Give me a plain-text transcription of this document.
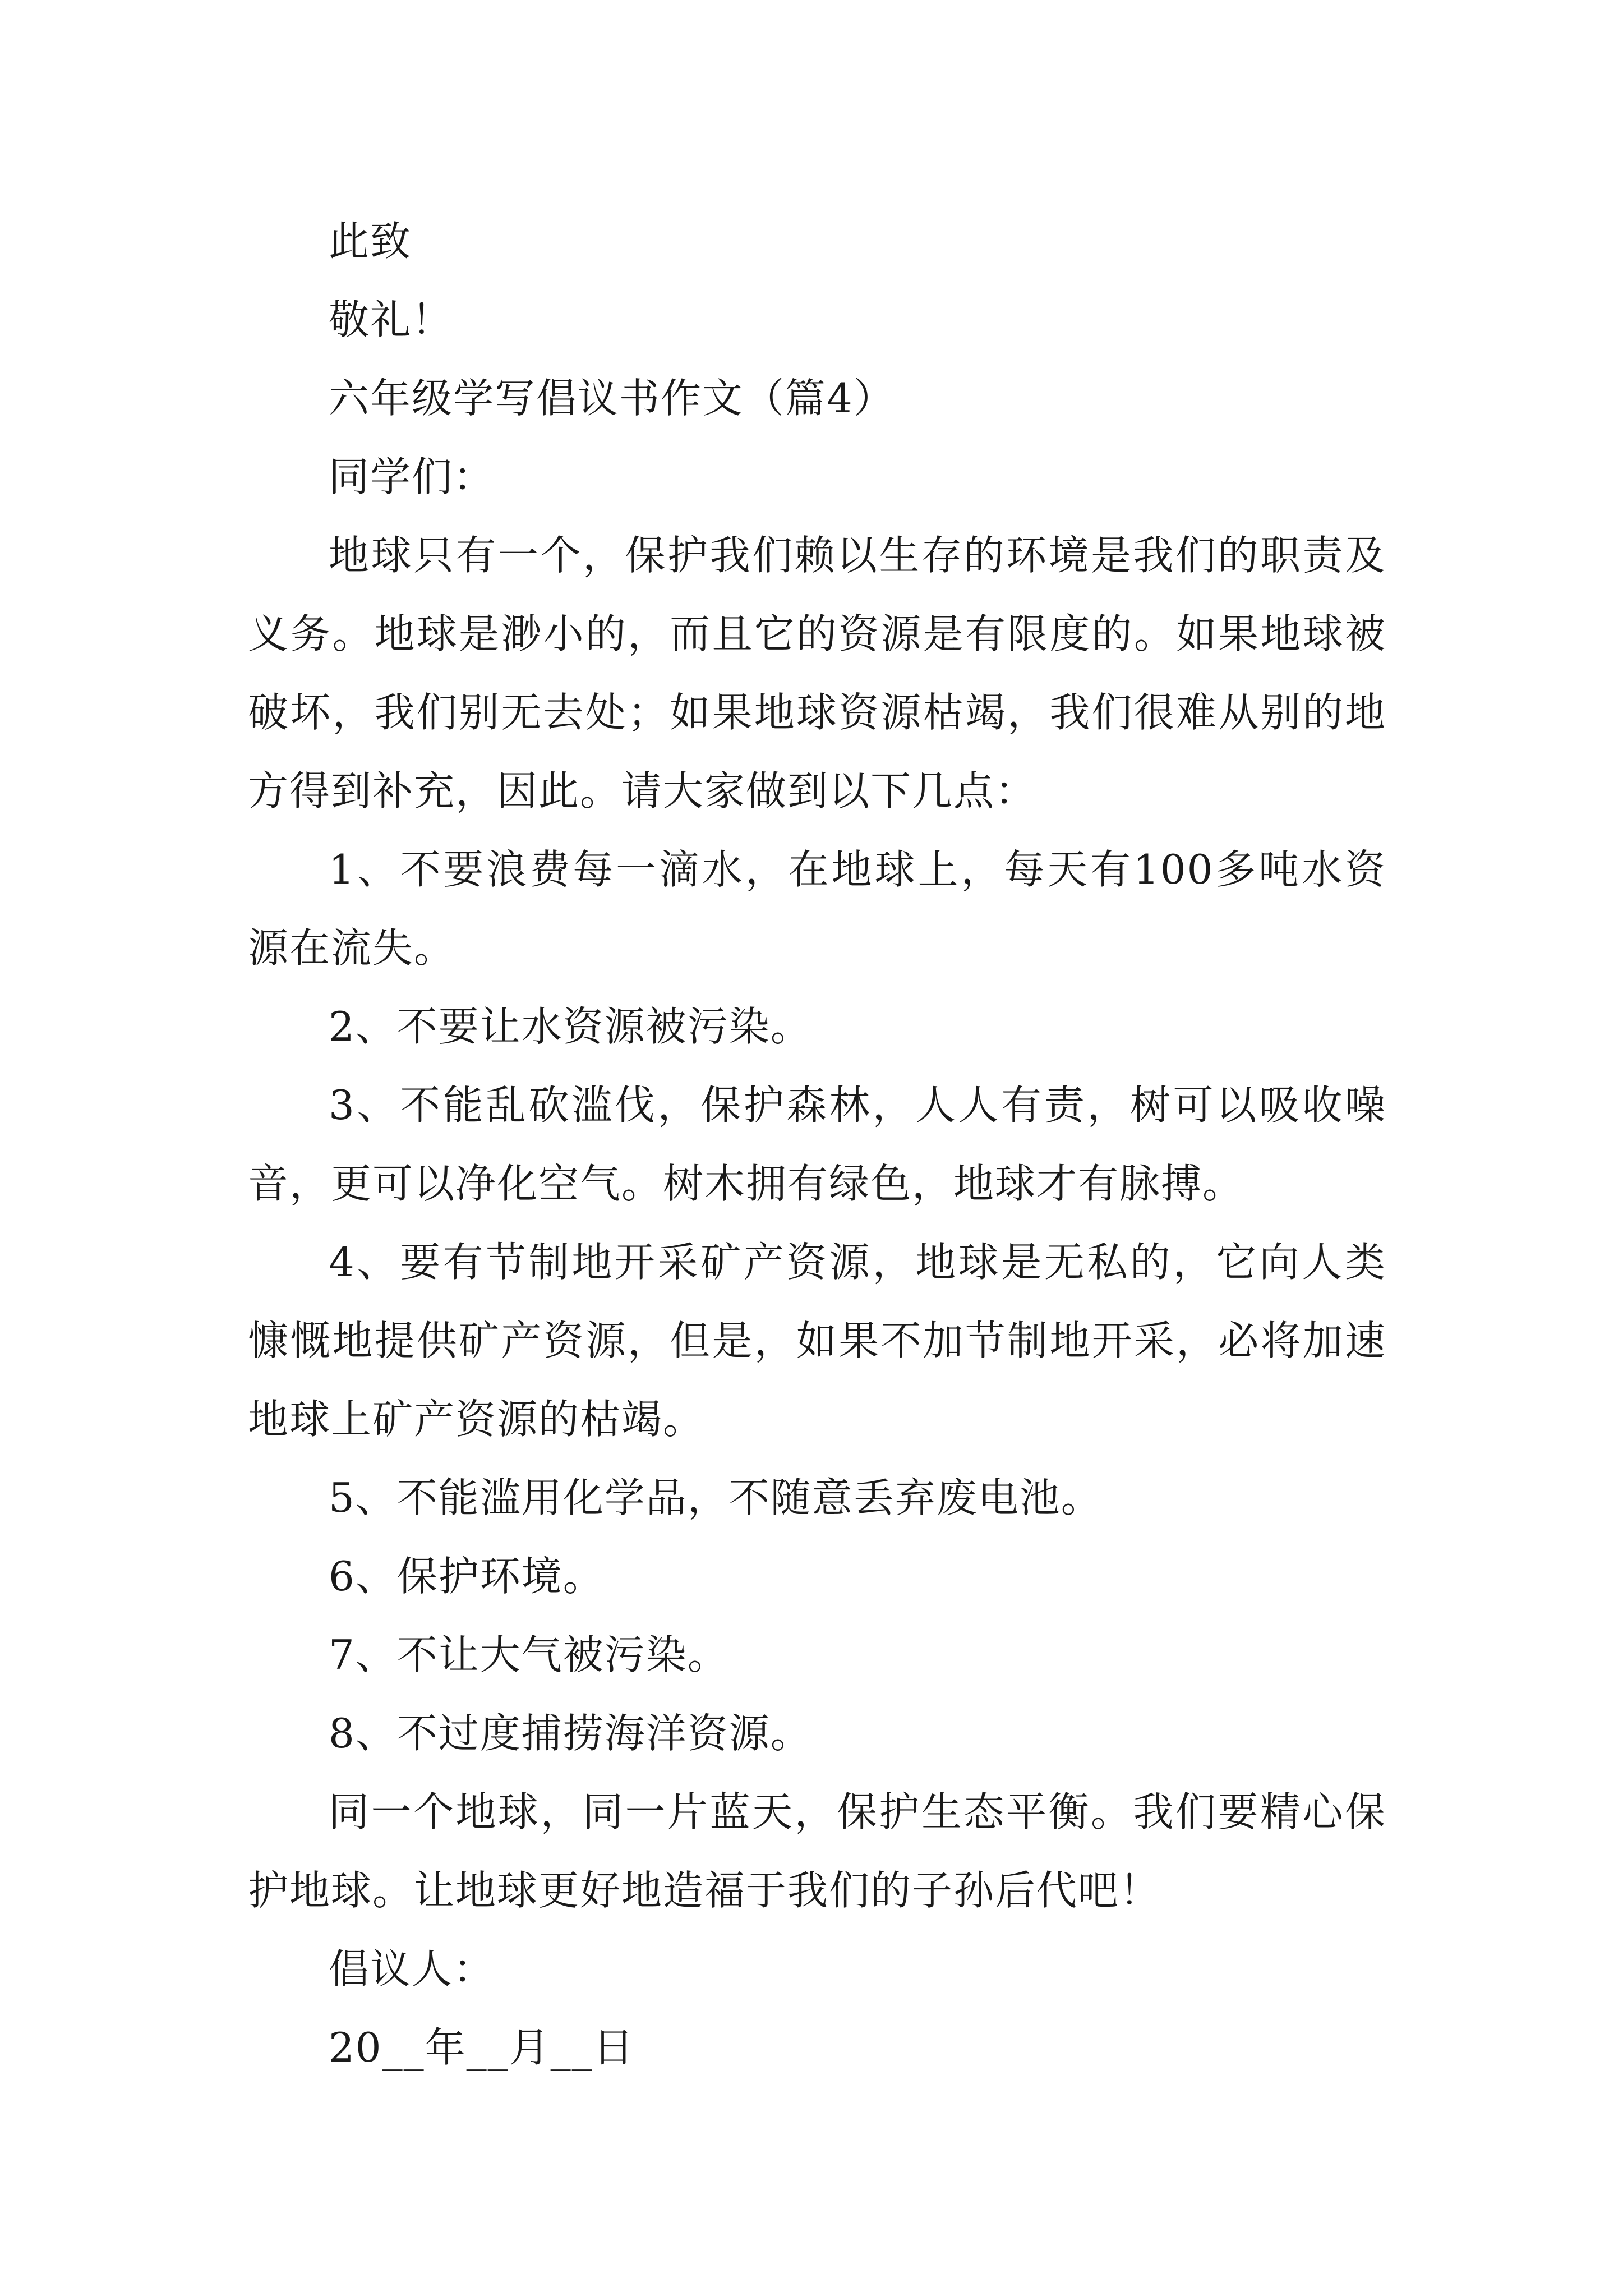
此致

敬礼！

六年级学写倡议书作文（篇4）

同学们：

地球只有一个，保护我们赖以生存的环境是我们的职责及义务。地球是渺小的，而且它的资源是有限度的。如果地球被破坏，我们别无去处；如果地球资源枯竭，我们很难从别的地方得到补充，因此。请大家做到以下几点：

1、不要浪费每一滴水，在地球上，每天有100多吨水资源在流失。

2、不要让水资源被污染。

3、不能乱砍滥伐，保护森林，人人有责，树可以吸收噪音，更可以净化空气。树木拥有绿色，地球才有脉搏。

4、要有节制地开采矿产资源，地球是无私的，它向人类慷慨地提供矿产资源，但是，如果不加节制地开采，必将加速地球上矿产资源的枯竭。

5、不能滥用化学品，不随意丢弃废电池。

6、保护环境。

7、不让大气被污染。

8、不过度捕捞海洋资源。

同一个地球，同一片蓝天，保护生态平衡。我们要精心保护地球。让地球更好地造福于我们的子孙后代吧！

倡议人：

20__年__月__日
